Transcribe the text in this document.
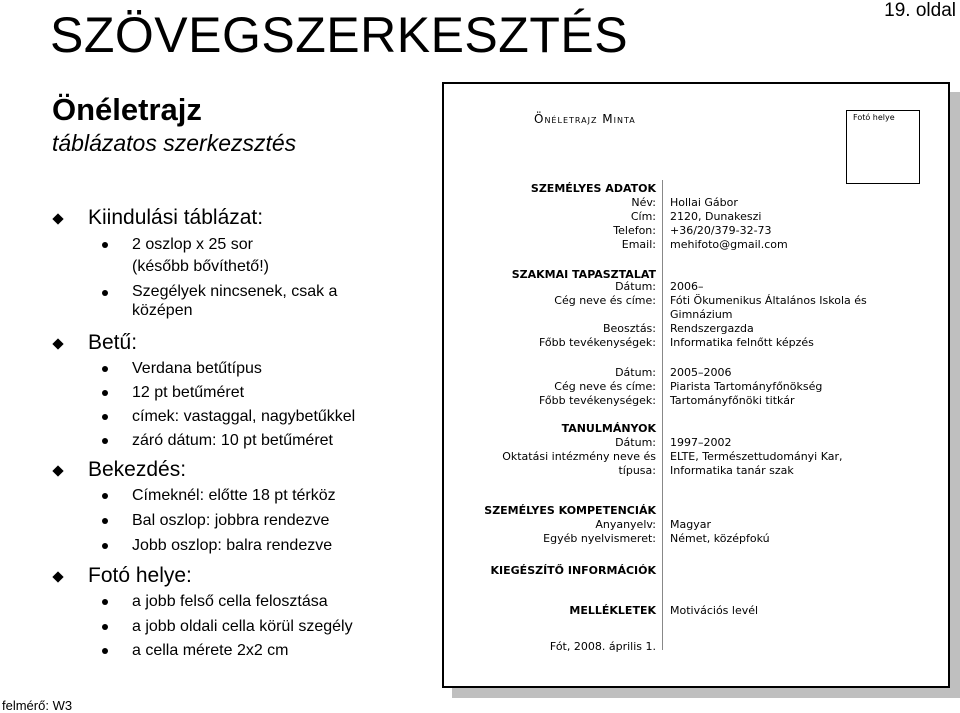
SZÖVEGSZERKESZTÉS	19. oldal
Önéletrajz
táblázatos szerkezsztés
Kiindulási táblázat:
2 oszlop x 25 sor
(később bővíthető!)
Szegélyek nincsenek, csak a
középen
Betű:
Verdana betűtípus
12 pt betűméret
címek: vastaggal, nagybetűkkel
záró dátum: 10 pt betűméret
Bekezdés:
Címeknél: előtte 18 pt térköz
Bal oszlop: jobbra rendezve
Jobb oszlop: balra rendezve
Fotó helye:
a jobb felső cella felosztása
a jobb oldali cella körül szegély
a cella mérete 2x2 cm
Önéletrajz Minta	Fotó helye
SZEMÉLYES ADATOK
Név: Hollai Gábor
Cím: 2120, Dunakeszi
Telefon: +36/20/379-32-73
Email: mehifoto@gmail.com
SZAKMAI TAPASZTALAT
Dátum: 2006–
Cég neve és címe: Fóti Ökumenikus Általános Iskola és
Gimnázium
Beosztás: Rendszergazda
Főbb tevékenységek: Informatika felnőtt képzés
Dátum: 2005–2006
Cég neve és címe: Piarista Tartományfőnökség
Főbb tevékenységek: Tartományfőnöki titkár
TANULMÁNYOK
Dátum: 1997–2002
Oktatási intézmény neve és ELTE, Természettudományi Kar,
típusa: Informatika tanár szak
SZEMÉLYES KOMPETENCIÁK
Anyanyelv: Magyar
Egyéb nyelvismeret: Német, középfokú
KIEGÉSZÍTŐ INFORMÁCIÓK
MELLÉKLETEK Motivációs levél
Fót, 2008. április 1.
felmérő: W3
